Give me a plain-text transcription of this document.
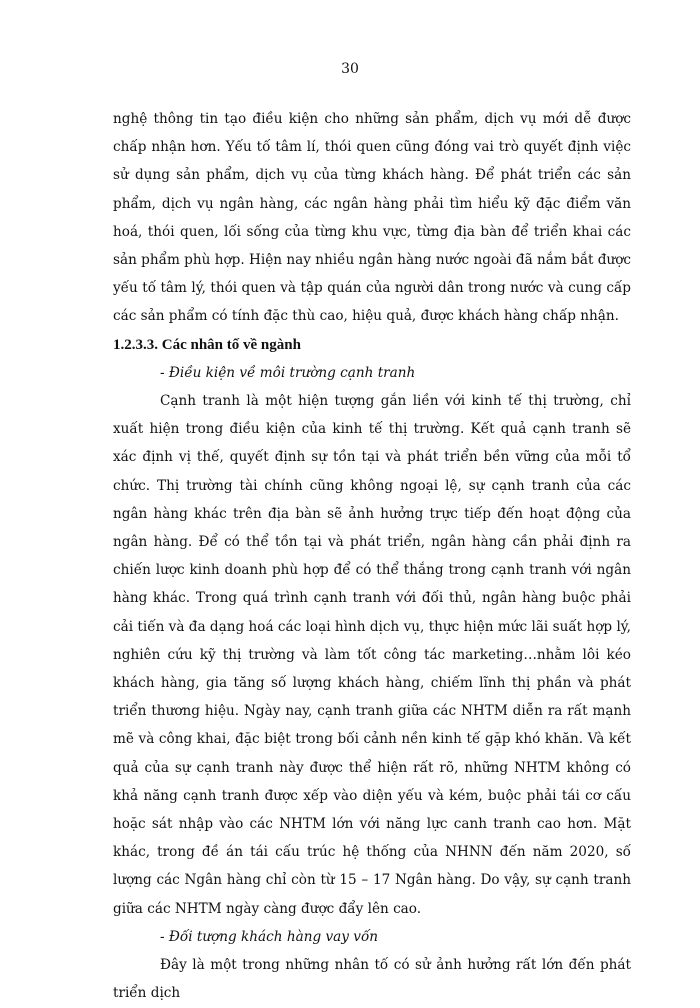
30

nghệ thông tin tạo điều kiện cho những sản phẩm, dịch vụ mới dễ được chấp nhận hơn. Yếu tố tâm lí, thói quen cũng đóng vai trò quyết định việc sử dụng sản phẩm, dịch vụ của từng khách hàng. Để phát triển các sản phẩm, dịch vụ ngân hàng, các ngân hàng phải tìm hiểu kỹ đặc điểm văn hoá, thói quen, lối sống của từng khu vực, từng địa bàn để triển khai các sản phẩm phù hợp. Hiện nay nhiều ngân hàng nước ngoài đã nắm bắt được yếu tố tâm lý, thói quen và tập quán của người dân trong nước và cung cấp các sản phẩm có tính đặc thù cao, hiệu quả, được khách hàng chấp nhận.

1.2.3.3. Các nhân tố về ngành

- Điều kiện về môi trường cạnh tranh

Cạnh tranh là một hiện tượng gắn liền với kinh tế thị trường, chỉ xuất hiện trong điều kiện của kinh tế thị trường. Kết quả cạnh tranh sẽ xác định vị thế, quyết định sự tồn tại và phát triển bền vững của mỗi tổ chức. Thị trường tài chính cũng không ngoại lệ, sự cạnh tranh của các ngân hàng khác trên địa bàn sẽ ảnh hưởng trực tiếp đến hoạt động của ngân hàng. Để có thể tồn tại và phát triển, ngân hàng cần phải định ra chiến lược kinh doanh phù hợp để có thể thắng trong cạnh tranh với ngân hàng khác. Trong quá trình cạnh tranh với đối thủ, ngân hàng buộc phải cải tiến và đa dạng hoá các loại hình dịch vụ, thực hiện mức lãi suất hợp lý, nghiên cứu kỹ thị trường và làm tốt công tác marketing…nhằm lôi kéo khách hàng, gia tăng số lượng khách hàng, chiếm lĩnh thị phần và phát triển thương hiệu. Ngày nay, cạnh tranh giữa các NHTM diễn ra rất mạnh mẽ và công khai, đặc biệt trong bối cảnh nền kinh tế gặp khó khăn. Và kết quả của sự cạnh tranh này được thể hiện rất rõ, những NHTM không có khả năng cạnh tranh được xếp vào diện yếu và kém, buộc phải tái cơ cấu hoặc sát nhập vào các NHTM lớn với năng lực canh tranh cao hơn. Mặt khác, trong đề án tái cấu trúc hệ thống của NHNN đến năm 2020, số lượng các Ngân hàng chỉ còn từ 15 – 17 Ngân hàng. Do vậy, sự cạnh tranh giữa các NHTM ngày càng được đẩy lên cao.

- Đối tượng khách hàng vay vốn

Đây là một trong những nhân tố có sử ảnh hưởng rất lớn đến phát triển dịch
